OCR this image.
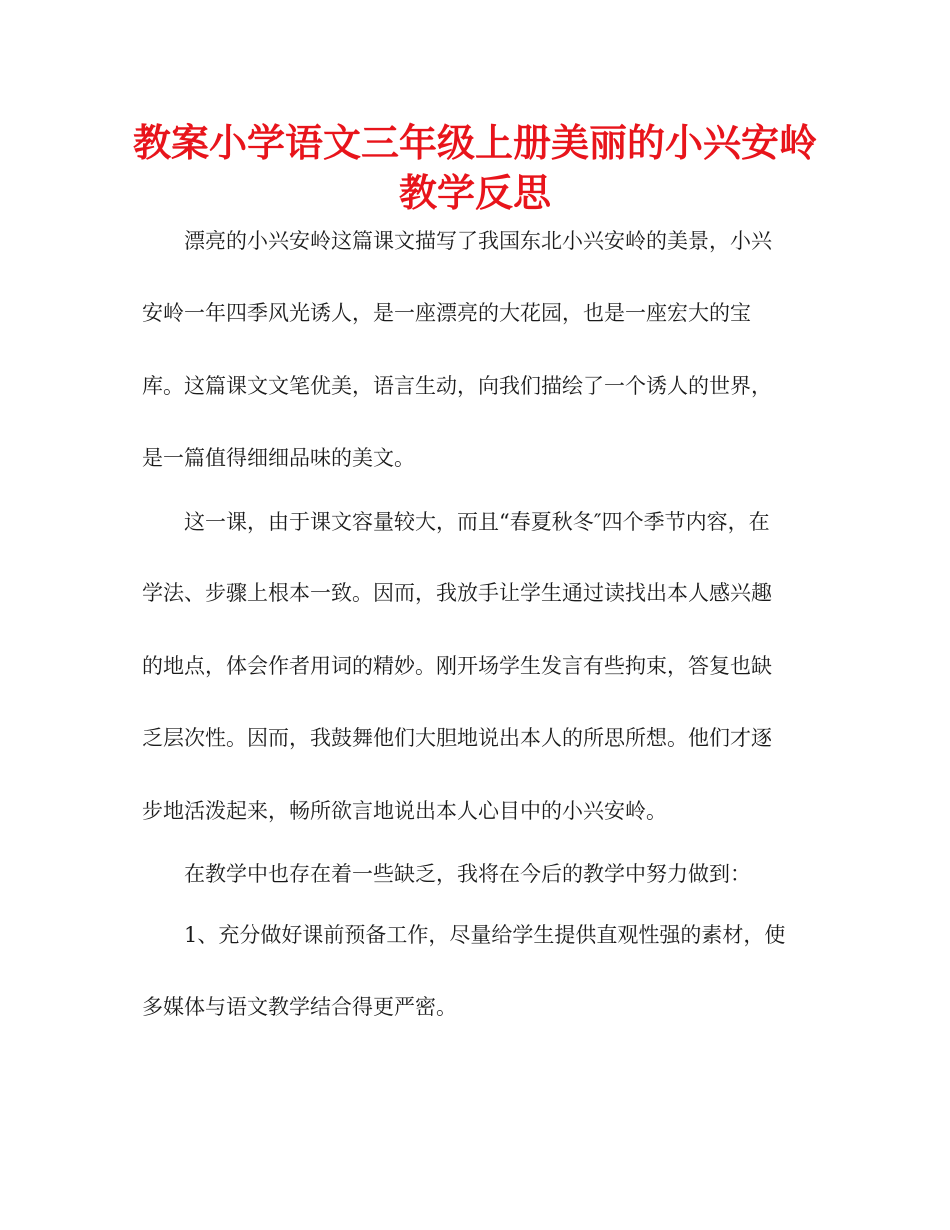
教案小学语文三年级上册美丽的小兴安岭
教学反思

漂亮的小兴安岭这篇课文描写了我国东北小兴安岭的美景，小兴

安岭一年四季风光诱人，是一座漂亮的大花园，也是一座宏大的宝

库。这篇课文文笔优美，语言生动，向我们描绘了一个诱人的世界，

是一篇值得细细品味的美文。

这一课，由于课文容量较大，而且“春夏秋冬″四个季节内容，在

学法、步骤上根本一致。因而，我放手让学生通过读找出本人感兴趣

的地点，体会作者用词的精妙。刚开场学生发言有些拘束，答复也缺

乏层次性。因而，我鼓舞他们大胆地说出本人的所思所想。他们才逐

步地活泼起来，畅所欲言地说出本人心目中的小兴安岭。

在教学中也存在着一些缺乏，我将在今后的教学中努力做到：

1、充分做好课前预备工作，尽量给学生提供直观性强的素材，使

多媒体与语文教学结合得更严密。
